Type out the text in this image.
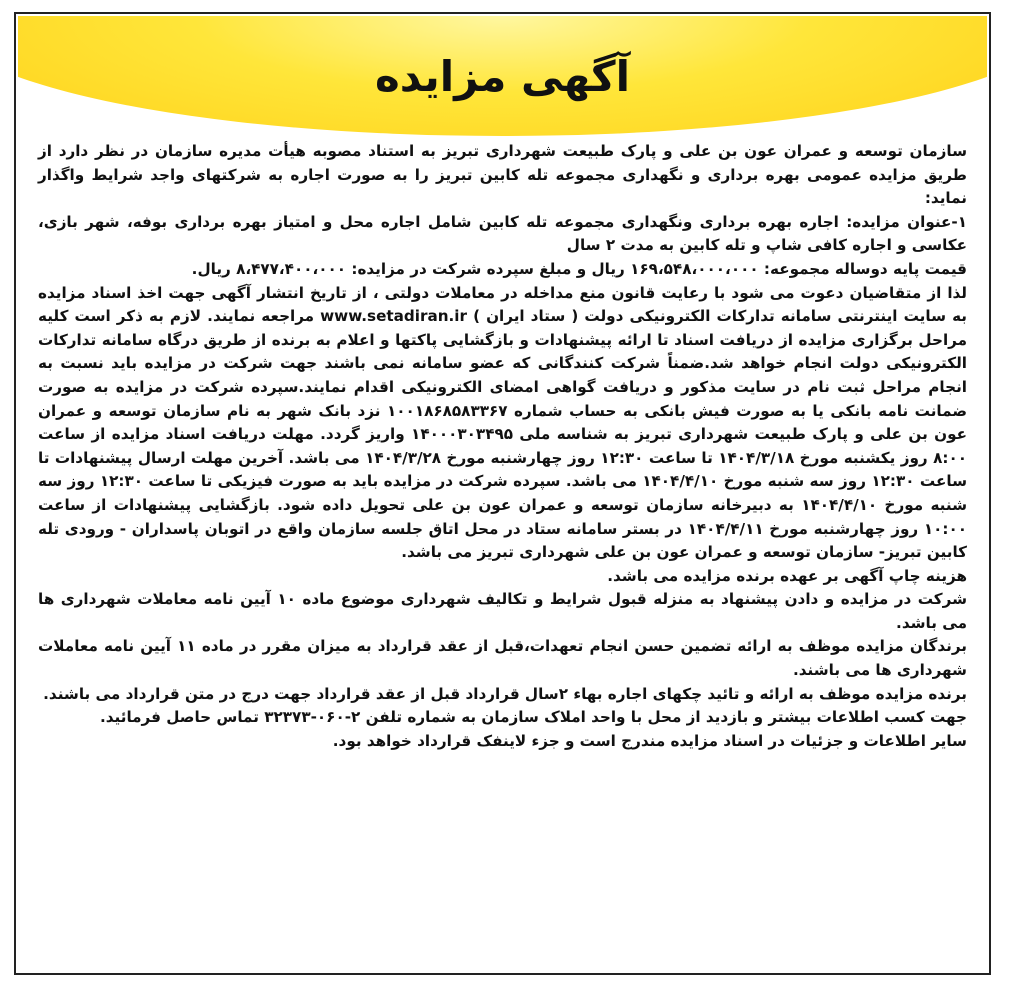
آگهی مزایده

سازمان توسعه و عمران عون بن علی و پارک طبیعت شهرداری تبریز به استناد مصوبه هیأت مدیره سازمان در نظر دارد از طریق مزایده عمومی بهره برداری و نگهداری مجموعه تله کابین تبریز را به صورت اجاره به شرکتهای واجد شرایط واگذار نماید:

۱-عنوان مزایده: اجاره بهره برداری ونگهداری مجموعه تله کابین شامل اجاره محل و امتیاز بهره برداری بوفه، شهر بازی، عکاسی و اجاره کافی شاپ و تله کابین به مدت ۲ سال

قیمت پایه دوساله مجموعه: ۱۶۹،۵۴۸،۰۰۰،۰۰۰ ریال و مبلغ سپرده شرکت در مزایده: ۸،۴۷۷،۴۰۰،۰۰۰ ریال.

لذا از متقاضیان دعوت می شود با رعایت قانون منع مداخله در معاملات دولتی ، از تاریخ انتشار آگهی جهت اخذ اسناد مزایده به سایت اینترنتی سامانه تدارکات الکترونیکی دولت ( ستاد ایران ) www.setadiran.ir مراجعه نمایند. لازم به ذکر است کلیه مراحل برگزاری مزایده از دریافت اسناد تا ارائه پیشنهادات و بازگشایی پاکتها و اعلام به برنده از طریق درگاه سامانه تدارکات الکترونیکی دولت انجام خواهد شد.ضمناً شرکت کنندگانی که عضو سامانه نمی باشند جهت شرکت در مزایده باید نسبت به انجام مراحل ثبت نام در سایت مذکور و دریافت گواهی امضای الکترونیکی اقدام نمایند.سپرده شرکت در مزایده به صورت ضمانت نامه بانکی یا به صورت فیش بانکی به حساب شماره ۱۰۰۱۸۶۸۵۸۳۳۶۷ نزد بانک شهر به نام سازمان توسعه و عمران عون بن علی و پارک طبیعت شهرداری تبریز به شناسه ملی ۱۴۰۰۰۳۰۳۴۹۵ واریز گردد. مهلت دریافت اسناد مزایده از ساعت ۸:۰۰ روز یکشنبه مورخ ۱۴۰۴/۳/۱۸ تا ساعت ۱۲:۳۰ روز چهارشنبه مورخ ۱۴۰۴/۳/۲۸ می باشد. آخرین مهلت ارسال پیشنهادات تا ساعت ۱۲:۳۰ روز سه شنبه مورخ ۱۴۰۴/۴/۱۰ می باشد. سپرده شرکت در مزایده باید به صورت فیزیکی تا ساعت ۱۲:۳۰ روز سه شنبه مورخ ۱۴۰۴/۴/۱۰ به دبیرخانه سازمان توسعه و عمران عون بن علی تحویل داده شود. بازگشایی پیشنهادات از ساعت ۱۰:۰۰ روز چهارشنبه مورخ ۱۴۰۴/۴/۱۱ در بستر سامانه ستاد در محل اتاق جلسه سازمان واقع در اتوبان پاسداران - ورودی تله کابین تبریز- سازمان توسعه و عمران عون بن علی شهرداری تبریز می باشد.

هزینه چاپ آگهی بر عهده برنده مزایده می باشد.

شرکت در مزایده و دادن پیشنهاد به منزله قبول شرایط و تکالیف شهرداری موضوع ماده ۱۰ آیین نامه معاملات شهرداری ها می باشد.

برندگان مزایده موظف به ارائه تضمین حسن انجام تعهدات،قبل از عقد قرارداد به میزان مقرر در ماده ۱۱ آیین نامه معاملات شهرداری ها می باشند.

برنده مزایده موظف به ارائه و تائید چکهای اجاره بهاء ۲سال قرارداد قبل از عقد قرارداد جهت درج در متن قرارداد می باشند.

جهت کسب اطلاعات بیشتر و بازدید از محل با واحد املاک سازمان به شماره تلفن ۲-۰۶۰-۳۲۳۷۳ تماس حاصل فرمائید.

سایر اطلاعات و جزئیات در اسناد مزایده مندرج است و جزء لاینفک قرارداد خواهد بود.
